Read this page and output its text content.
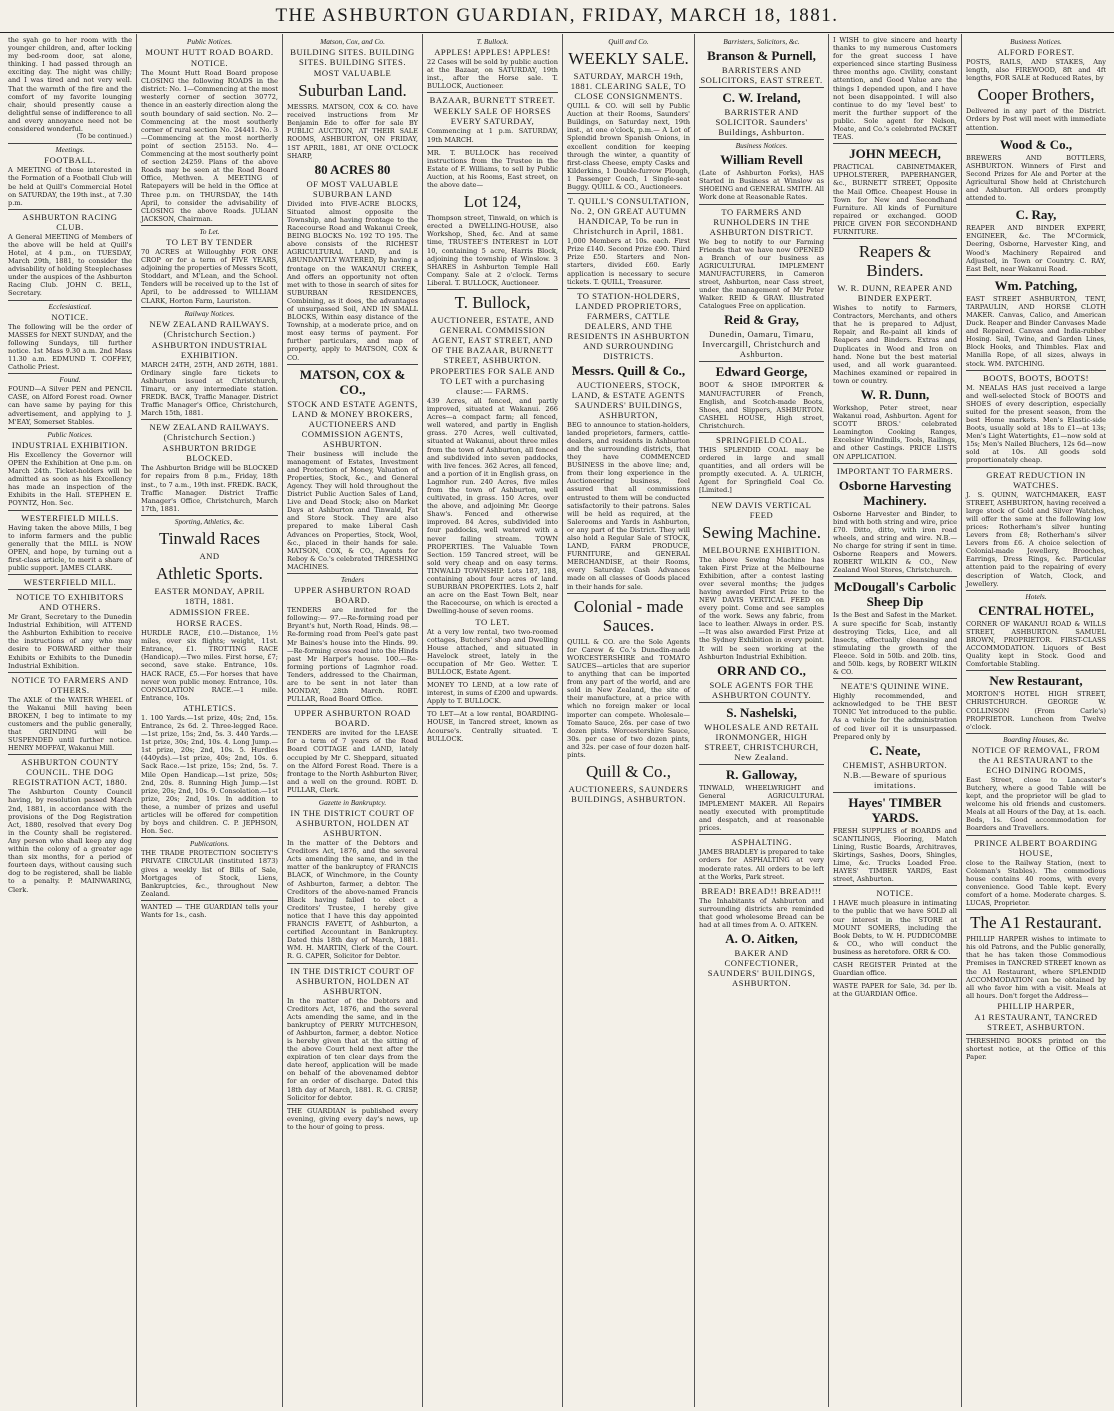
THE ASHBURTON GUARDIAN, FRIDAY, MARCH 18, 1881.
the syah go to her room with the younger children, and, after locking my bed-room door, sat alone, thinking. I had passed through an exciting day. The night was chilly; and I was tired and not very well. That the warmth of the fire and the comfort of my favorite lounging chair, should presently cause a delightful sense of indifference to all and every annoyance need not be considered wonderful.
(To be continued.)
Meetings.
FOOTBALL.
A MEETING of those interested in the Formation of a Football Club will be held at Quill's Commercial Hotel on SATURDAY, the 19th inst., at 7.30 p.m.
ASHBURTON RACING CLUB.
A General MEETING of Members of the above will be held at Quill's Hotel, at 4 p.m., on TUESDAY, March 29th, 1881, to consider the advisability of holding Steeplechases under the auspices of the Ashburton Racing Club. JOHN C. BELL, Secretary.
Ecclesiastical.
NOTICE.
The following will be the order of MASSES for NEXT SUNDAY, and the following Sundays, till further notice. 1st Mass 9.30 a.m. 2nd Mass 11.30 a.m. EDMUND T. COFFEY, Catholic Priest.
Found.
FOUND—A Silver PEN and PENCIL CASE, on Alford Forest road. Owner can have same by paying for this advertisement, and applying to J. M'EAY, Somerset Stables.
Public Notices.
INDUSTRIAL EXHIBITION.
His Excellency the Governor will OPEN the Exhibition at One p.m. on March 24th. Ticket-holders will be admitted as soon as his Excellency has made an inspection of the Exhibits in the Hall. STEPHEN E. POYNTZ, Hon. Sec.
WESTERFIELD MILLS.
Having taken the above Mills, I beg to inform farmers and the public generally that the MILL is NOW OPEN, and hope, by turning out a first-class article, to merit a share of public support. JAMES CLARK.
WESTERFIELD MILL.
NOTICE TO EXHIBITORS AND OTHERS.
Mr Grant, Secretary to the Dunedin Industrial Exhibition, will ATTEND the Ashburton Exhibition to receive the instructions of any who may desire to FORWARD either their Exhibits or Exhibits to the Dunedin Industrial Exhibition.
NOTICE TO FARMERS AND OTHERS.
The AXLE of the WATER WHEEL of the Wakanui Mill having been BROKEN, I beg to intimate to my customers and the public generally, that GRINDING will be SUSPENDED until further notice. HENRY MOFFAT, Wakanui Mill.
ASHBURTON COUNTY COUNCIL. THE DOG REGISTRATION ACT, 1880.
The Ashburton County Council having, by resolution passed March 2nd, 1881, in accordance with the provisions of the Dog Registration Act, 1880, resolved that every Dog in the County shall be registered. Any person who shall keep any dog within the colony of a greater age than six months, for a period of fourteen days, without causing such dog to be registered, shall be liable to a penalty. P. MAINWARING, Clerk.
Public Notices.
MOUNT HUTT ROAD BOARD.
NOTICE.
The Mount Hutt Road Board propose CLOSING the following ROADS in the district: No. 1—Commencing at the most westerly corner of section 30772, thence in an easterly direction along the south boundary of said section. No. 2—Commencing at the most southerly corner of rural section No. 24441. No. 3—Commencing at the most northerly point of section 25153. No. 4—Commencing at the most southerly point of section 24259. Plans of the above Roads may be seen at the Road Board Office, Methven. A MEETING of Ratepayers will be held in the Office at Three p.m. on THURSDAY, the 14th April, to consider the advisability of CLOSING the above Roads. JULIAN JACKSON, Chairman.
To Let.
TO LET BY TENDER
70 ACRES at Willoughby FOR ONE CROP or for a term of FIVE YEARS, adjoining the properties of Messrs Scott, Stoddart, and M'Lean, and the School. Tenders will be received up to the 1st of April, to be addressed to WILLIAM CLARK, Horton Farm, Lauriston.
Railway Notices.
NEW ZEALAND RAILWAYS. (Christchurch Section.)
ASHBURTON INDUSTRIAL EXHIBITION.
MARCH 24TH, 25TH, AND 26TH, 1881. Ordinary single fare tickets to Ashburton issued at Christchurch, Timaru, or any intermediate station. FREDK. BACK, Traffic Manager. District Traffic Manager's Office, Christchurch, March 15th, 1881.
NEW ZEALAND RAILWAYS. (Christchurch Section.)
ASHBURTON BRIDGE BLOCKED.
The Ashburton Bridge will be BLOCKED for repairs from 8 p.m., Friday, 18th inst., to 7 a.m., 19th inst. FREDK. BACK, Traffic Manager. District Traffic Manager's Office, Christchurch, March 17th, 1881.
Sporting, Athletics, &c.
Tinwald Races
AND
Athletic Sports.
EASTER MONDAY, APRIL 18TH, 1881.
ADMISSION FREE.
HORSE RACES.
HURDLE RACE, £10.—Distance, 1½ miles, over six flights; weight, 11st. Entrance, £1. TROTTING RACE (Handicap).—Two miles. First horse, £7; second, save stake. Entrance, 10s. HACK RACE, £5.—For horses that have never won public money. Entrance, 10s. CONSOLATION RACE.—1 mile. Entrance, 10s.
ATHLETICS.
1. 100 Yards.—1st prize, 40s; 2nd, 15s. Entrance, 2s 6d. 2. Three-legged Race.—1st prize, 15s; 2nd, 5s. 3. 440 Yards.—1st prize, 30s; 2nd, 10s. 4. Long Jump.—1st prize, 20s; 2nd, 10s. 5. Hurdles (440yds).—1st prize, 40s; 2nd, 10s. 6. Sack Race.—1st prize, 15s; 2nd, 5s. 7. Mile Open Handicap.—1st prize, 50s; 2nd, 20s. 8. Running High Jump.—1st prize, 20s; 2nd, 10s. 9. Consolation.—1st prize, 20s; 2nd, 10s. In addition to these, a number of prizes and useful articles will be offered for competition by boys and children. C. P. JEPHSON, Hon. Sec.
Publications.
THE TRADE PROTECTION SOCIETY'S PRIVATE CIRCULAR (instituted 1873) gives a weekly list of Bills of Sale, Mortgages of Stock, Liens, Bankruptcies, &c., throughout New Zealand.
WANTED — THE GUARDIAN tells your Wants for 1s., cash.
Matson, Cox, and Co.
BUILDING SITES. BUILDING SITES. BUILDING SITES.
MOST VALUABLE
Suburban Land.
MESSRS. MATSON, COX & CO. have received instructions from Mr Benjamin Ede to offer for sale BY PUBLIC AUCTION, AT THEIR SALE ROOMS, ASHBURTON, ON FRIDAY, 1ST APRIL, 1881, AT ONE O'CLOCK SHARP,
80 ACRES 80
OF MOST VALUABLE SUBURBAN LAND
Divided into FIVE-ACRE BLOCKS, Situated almost opposite the Township, and having frontage to the Racecourse Road and Wakanui Creek, BEING BLOCKS No. 192 TO 195. The above consists of the RICHEST AGRICULTURAL LAND, and is ABUNDANTLY WATERED, By having a frontage on the WAKANUI CREEK, And offers an opportunity not often met with to those in search of sites for SUBURBAN RESIDENCES, Combining, as it does, the advantages of unsurpassed Soil, AND IN SMALL BLOCKS, Within easy distance of the Township, at a moderate price, and on most easy terms of payment. For further particulars, and map of property, apply to MATSON, COX & CO.
MATSON, COX & CO.,
STOCK AND ESTATE AGENTS, LAND & MONEY BROKERS, AUCTIONEERS AND COMMISSION AGENTS, ASHBURTON.
Their business will include the management of Estates, Investment and Protection of Money, Valuation of Properties, Stock, &c., and General Agency. They will hold throughout the District Public Auction Sales of Land, Live and Dead Stock; also on Market Days at Ashburton and Tinwald, Fat and Store Stock. They are also prepared to make Liberal Cash Advances on Properties, Stock, Wool, &c., placed in their hands for sale. MATSON, COX, & CO., Agents for Reboy & Co.'s celebrated THRESHING MACHINES.
Tenders
UPPER ASHBURTON ROAD BOARD.
TENDERS are invited for the following:— 97.—Re-forming road per Bryant's hut, North Road, Hinds. 98.—Re-forming road from Peel's gate past Mr Baines's house into the Hinds. 99.—Re-forming cross road into the Hinds past Mr Harper's house. 100.—Re-forming portions of Lagmhor road. Tenders, addressed to the Chairman, are to be sent in not later than MONDAY, 28th March. ROBT. PULLAR, Road Board Office.
UPPER ASHBURTON ROAD BOARD.
TENDERS are invited for the LEASE for a term of 7 years of the Road Board COTTAGE and LAND, lately occupied by Mr C. Sheppard, situated on the Alford Forest Road. There is a frontage to the North Ashburton River, and a well on the ground. ROBT. D. PULLAR, Clerk.
Gazette in Bankruptcy.
IN THE DISTRICT COURT OF ASHBURTON, HOLDEN AT ASHBURTON.
In the matter of the Debtors and Creditors Act, 1876, and the several Acts amending the same, and in the matter of the bankruptcy of FRANCIS BLACK, of Winchmore, in the County of Ashburton, farmer, a debtor. The Creditors of the above-named Francis Black having failed to elect a Creditors' Trustee, I hereby give notice that I have this day appointed FRANCIS FAVETT, of Ashburton, a certified Accountant in Bankruptcy. Dated this 18th day of March, 1881. WM. H. MARTIN, Clerk of the Court. R. G. CAPER, Solicitor for Debtor.
IN THE DISTRICT COURT OF ASHBURTON, HOLDEN AT ASHBURTON.
In the matter of the Debtors and Creditors Act, 1876, and the several Acts amending the same, and in the bankruptcy of PERRY MUTCHESON, of Ashburton, farmer, a debtor. Notice is hereby given that at the sitting of the above Court held next after the expiration of ten clear days from the date hereof, application will be made on behalf of the abovenamed debtor for an order of discharge. Dated this 18th day of March, 1881. R. G. CRISP, Solicitor for debtor.
THE GUARDIAN is published every evening, giving every day's news, up to the hour of going to press.
T. Bullock.
APPLES! APPLES! APPLES!
22 Cases will be sold by public auction at the Bazaar, on SATURDAY, 19th inst., after the Horse sale. T. BULLOCK, Auctioneer.
BAZAAR, BURNETT STREET.
WEEKLY SALE OF HORSES EVERY SATURDAY,
Commencing at 1 p.m. SATURDAY, 19th MARCH.
MR. T. BULLOCK has received instructions from the Trustee in the Estate of F. Williams, to sell by Public Auction, at his Rooms, East street, on the above date—
Lot 124,
Thompson street, Tinwald, on which is erected a DWELLING-HOUSE, also Workshop, Shed, &c. And at same time, TRUSTEE'S INTEREST in LOT 10, containing 5 acre, Harris Block, adjoining the township of Winslow. 3 SHARES in Ashburton Temple Hall Company. Sale at 2 o'clock. Terms Liberal. T. BULLOCK, Auctioneer.
T. Bullock,
AUCTIONEER, ESTATE, AND GENERAL COMMISSION AGENT, EAST STREET, AND OF THE BAZAAR, BURNETT STREET, ASHBURTON.
PROPERTIES FOR SALE AND TO LET with a purchasing clause:— FARMS.
439 Acres, all fenced, and partly improved, situated at Wakanui. 266 Acres—a compact farm; all fenced, well watered, and partly in English grass. 270 Acres, well cultivated, situated at Wakanui, about three miles from the town of Ashburton, all fenced and subdivided into seven paddocks, with live fences. 362 Acres, all fenced, and a portion of it in English grass, on Lagmhor run. 240 Acres, five miles from the town of Ashburton, well cultivated, in grass. 150 Acres, over the above, and adjoining Mr. George Shaw's. Fenced and otherwise improved. 84 Acres, subdivided into four paddocks, well watered with a never failing stream. TOWN PROPERTIES. The Valuable Town Section. 159 Tancred street, will be sold very cheap and on easy terms. TINWALD TOWNSHIP. Lots 187, 188, containing about four acres of land. SUBURBAN PROPERTIES. Lots 2, half an acre on the East Town Belt, near the Racecourse, on which is erected a Dwelling-house of seven rooms.
TO LET.
At a very low rental, two two-roomed cottages, Butchers' shop and Dwelling House attached, and situated in Havelock street, lately in the occupation of Mr Geo. Wetter. T. BULLOCK, Estate Agent.
MONEY TO LEND, at a low rate of interest, in sums of £200 and upwards. Apply to T. BULLOCK.
TO LET—At a low rental, BOARDING-HOUSE, in Tancred street, known as Acourse's. Centrally situated. T. BULLOCK.
Quill and Co.
WEEKLY SALE.
SATURDAY, MARCH 19th, 1881. CLEARING SALE, TO CLOSE CONSIGNMENTS.
QUILL & CO. will sell by Public Auction at their Rooms, Saunders' Buildings, on Saturday next, 19th inst., at one o'clock, p.m.— A Lot of Splendid brown Spanish Onions, in excellent condition for keeping through the winter, a quantity of first-class Cheese, empty Casks and Kilderkins, 1 Double-furrow Plough, 1 Passenger Coach, 1 Single-seat Buggy. QUILL & CO., Auctioneers.
T. QUILL'S CONSULTATION, No. 2, ON GREAT AUTUMN HANDICAP, To be run in Christchurch in April, 1881.
1,000 Members at 10s. each. First Prize £140. Second Prize £90. Third Prize £50. Starters and Non-starters, divided £60. Early application is necessary to secure tickets. T. QUILL, Treasurer.
TO STATION-HOLDERS, LANDED PROPRIETORS, FARMERS, CATTLE DEALERS, AND THE RESIDENTS IN ASHBURTON AND SURROUNDING DISTRICTS.
Messrs. Quill & Co.,
AUCTIONEERS, STOCK, LAND, & ESTATE AGENTS SAUNDERS' BUILDINGS, ASHBURTON,
BEG to announce to station-holders, landed proprietors, farmers, cattle-dealers, and residents in Ashburton and the surrounding districts, that they have COMMENCED BUSINESS in the above line; and, from their long experience in the Auctioneering business, feel assured that all commissions entrusted to them will be conducted satisfactorily to their patrons. Sales will be held as required, at the Salerooms and Yards in Ashburton, or any part of the District. They will also hold a Regular Sale of STOCK, LAND, FARM PRODUCE, FURNITURE, and GENERAL MERCHANDISE, at their Rooms, every Saturday. Cash Advances made on all classes of Goods placed in their hands for sale.
Colonial - made Sauces.
QUILL & CO. are the Sole Agents for Carew & Co.'s Dunedin-made WORCESTERSHIRE and TOMATO SAUCES—articles that are superior to anything that can be imported from any part of the world, and are sold in New Zealand, the site of their manufacture, at a price with which no foreign maker or local importer can compete. Wholesale—Tomato Sauce, 26s. per case of two dozen pints. Worcestershire Sauce, 30s. per case of two dozen pints, and 32s. per case of four dozen half-pints.
Quill & Co.,
AUCTIONEERS, SAUNDERS BUILDINGS, ASHBURTON.
Barristers, Solicitors, &c.
Branson & Purnell,
BARRISTERS AND SOLICITORS, EAST STREET.
C. W. Ireland,
BARRISTER AND SOLICITOR. Saunders' Buildings, Ashburton.
Business Notices.
William Revell
(Late of Ashburton Forks), HAS Started in Business at Winslow as SHOEING and GENERAL SMITH. All Work done at Reasonable Rates.
TO FARMERS AND RUNHOLDERS IN THE ASHBURTON DISTRICT.
We beg to notify to our Farming Friends that we have now OPENED a Branch of our business as AGRICULTURAL IMPLEMENT MANUFACTURERS, in Cameron street, Ashburton, near Cass street, under the management of Mr Peter Walker. REID & GRAY. Illustrated Catalogues Free on application.
Reid & Gray,
Dunedin, Oamaru, Timaru, Invercargill, Christchurch and Ashburton.
Edward George,
BOOT & SHOE IMPORTER & MANUFACTURER of French, English, and Scotch-made Boots, Shoes, and Slippers, ASHBURTON. CASHEL HOUSE, High street, Christchurch.
SPRINGFIELD COAL.
THIS SPLENDID COAL may be ordered in large and small quantities, and all orders will be promptly executed. A. A. ULRICH, Agent for Springfield Coal Co. [Limited.]
NEW DAVIS VERTICAL FEED
Sewing Machine.
MELBOURNE EXHIBITION.
The above Sewing Machine has taken First Prize at the Melbourne Exhibition, after a contest lasting over several months; the judges having awarded First Prize to the NEW DAVIS VERTICAL FEED on every point. Come and see samples of the work. Sews any fabric, from lace to leather. Always in order. P.S.—It was also awarded First Prize at the Sydney Exhibition in every point. It will be seen working at the Ashburton Industrial Exhibition.
ORR AND CO.,
SOLE AGENTS FOR THE ASHBURTON COUNTY.
S. Nashelski,
WHOLESALE AND RETAIL IRONMONGER, HIGH STREET, CHRISTCHURCH, New Zealand.
R. Galloway,
TINWALD, WHEELWRIGHT and General AGRICULTURAL IMPLEMENT MAKER. All Repairs neatly executed with promptitude and despatch, and at reasonable prices.
ASPHALTING.
JAMES BRADLEY is prepared to take orders for ASPHALTING at very moderate rates. All orders to be left at the Works, Park street.
BREAD! BREAD!! BREAD!!!
The Inhabitants of Ashburton and surrounding districts are reminded that good wholesome Bread can be had at all times from A. O. AITKEN.
A. O. Aitken,
BAKER AND CONFECTIONER, SAUNDERS' BUILDINGS, ASHBURTON.
I WISH to give sincere and hearty thanks to my numerous Customers for the great success I have experienced since starting Business three months ago. Civility, constant attention, and Good Value are the things I depended upon, and I have not been disappointed. I will also continue to do my 'level best' to merit the further support of the public. Sole agent for Nelson, Moate, and Co.'s celebrated PACKET TEAS.
JOHN MEECH,
PRACTICAL CABINETMAKER, UPHOLSTERER, PAPERHANGER, &c., BURNETT STREET, Opposite the Mail Office. Cheapest House in Town for New and Secondhand Furniture. All kinds of Furniture repaired or exchanged. GOOD PRICE GIVEN FOR SECONDHAND FURNITURE.
Reapers & Binders.
W. R. DUNN, REAPER AND BINDER EXPERT.
Wishes to notify to Farmers, Contractors, Merchants, and others that he is prepared to Adjust, Repair, and Re-paint all kinds of Reapers and Binders. Extras and Duplicates in Wood and Iron on hand. None but the best material used, and all work guaranteed. Machines examined or repaired in town or country.
W. R. Dunn,
Workshop, Peter street, near Wakanui road, Ashburton. Agent for SCOTT BROS.' celebrated Leamington Cooking Ranges, Excelsior Windmills, Tools, Railings, and other Castings. PRICE LISTS ON APPLICATION.
IMPORTANT TO FARMERS.
Osborne Harvesting Machinery.
Osborne Harvester and Binder, to bind with both string and wire, price £70. Ditto, ditto, with iron road wheels, and string and wire. N.B.—No charge for string if sent in time. Osborne Reapers and Mowers. ROBERT WILKIN & CO., New Zealand Wool Stores, Christchurch.
McDougall's Carbolic Sheep Dip
Is the Best and Safest in the Market. A sure specific for Scab, instantly destroying Ticks, Lice, and all Insects, effectually cleansing and stimulating the growth of the Fleece. Sold in 50lb. and 20lb. tins, and 50lb. kegs, by ROBERT WILKIN & CO.
NEATE'S QUININE WINE.
Highly recommended, and acknowledged to be THE BEST TONIC Yet introduced to the public. As a vehicle for the administration of cod liver oil it is unsurpassed. Prepared only by
C. Neate,
CHEMIST, ASHBURTON. N.B.—Beware of spurious imitations.
Hayes' TIMBER YARDS.
FRESH SUPPLIES of BOARDS and SCANTLINGS, Flooring, Match Lining, Rustic Boards, Architraves, Skirtings, Sashes, Doors, Shingles, Lime, &c. Trucks Loaded Free. HAYES' TIMBER YARDS, East street, Ashburton.
NOTICE.
I HAVE much pleasure in intimating to the public that we have SOLD all our interest in the STORE at MOUNT SOMERS, including the Book Debts, to W. H. PUDDICOMBE & CO., who will conduct the business as heretofore. ORR & CO.
CASH REGISTER Printed at the Guardian office.
WASTE PAPER for Sale, 3d. per lb. at the GUARDIAN Office.
Business Notices.
ALFORD FOREST.
POSTS, RAILS, AND STAKES, Any length, also FIREWOOD, 8ft and 4ft lengths, FOR SALE at Reduced Rates, by
Cooper Brothers,
Delivered in any part of the District. Orders by Post will meet with immediate attention.
Wood & Co.,
BREWERS AND BOTTLERS, ASHBURTON. Winners of First and Second Prizes for Ale and Porter at the Agricultural Show held at Christchurch and Ashburton. All orders promptly attended to.
C. Ray,
REAPER AND BINDER EXPERT, ENGINEER, &c. The M'Cormick, Deering, Osborne, Harvester King, and Wood's Machinery Repaired and Adjusted, in Town or Country. C. RAY, East Belt, near Wakanui Road.
Wm. Patching,
EAST STREET ASHBURTON, TENT, TARPAULIN, AND HORSE CLOTH MAKER. Canvas, Calico, and American Duck. Reaper and Binder Canvases Made and Repaired. Canvas and India-rubber Hosing. Sail, Twine, and Garden Lines, Block Hooks, and Thimbles. Flax and Manilla Rope, of all sizes, always in stock. WM. PATCHING.
BOOTS, BOOTS, BOOTS!
M. NEALAS HAS just received a large and well-selected Stock of BOOTS and SHOES of every description, especially suited for the present season, from the best Home markets. Men's Elastic-side Boots, usually sold at 18s to £1—at 13s; Men's Light Watertights, £1—now sold at 15s; Men's Nailed Bluchers, 12s 6d—now sold at 10s. All goods sold proportionately cheap.
GREAT REDUCTION IN WATCHES.
J. S. QUINN, WATCHMAKER, EAST STREET, ASHBURTON, having received a large stock of Gold and Silver Watches, will offer the same at the following low prices: Rotherham's silver hunting Levers from £8; Rotherham's silver Levers from £6. A choice selection of Colonial-made Jewellery, Brooches, Earrings, Dress Rings, &c. Particular attention paid to the repairing of every description of Watch, Clock, and Jewellery.
Hotels.
CENTRAL HOTEL,
CORNER OF WAKANUI ROAD & WILLS STREET, ASHBURTON. SAMUEL BROWN, PROPRIETOR. FIRST-CLASS ACCOMMODATION. Liquors of Best Quality kept in Stock. Good and Comfortable Stabling.
New Restaurant,
MORTON'S HOTEL HIGH STREET, CHRISTCHURCH. GEORGE W. COLLINSON (From Carle's) PROPRIETOR. Luncheon from Twelve o'clock.
Boarding Houses, &c.
NOTICE OF REMOVAL, FROM the A1 RESTAURANT to the ECHO DINING ROOMS,
East Street, close to Lancaster's Butchery, where a good Table will be kept, and the proprietor will be glad to welcome his old friends and customers. Meals at all Hours of the Day, at 1s. each. Beds, 1s. Good accommodation for Boarders and Travellers.
PRINCE ALBERT BOARDING HOUSE,
close to the Railway Station, (next to Coleman's Stables). The commodious house contains 40 rooms, with every convenience. Good Table kept. Every comfort of a home. Moderate charges. S. LUCAS, Proprietor.
The A1 Restaurant.
PHILLIP HARPER wishes to intimate to his old Patrons, and the Public generally, that he has taken those Commodious Premises in TANCRED STREET known as the A1 Restaurant, where SPLENDID ACCOMMODATION can be obtained by all who favor him with a visit. Meals at all hours. Don't forget the Address—
PHILLIP HARPER,
A1 RESTAURANT, TANCRED STREET, ASHBURTON.
THRESHING BOOKS printed on the shortest notice, at the Office of this Paper.
